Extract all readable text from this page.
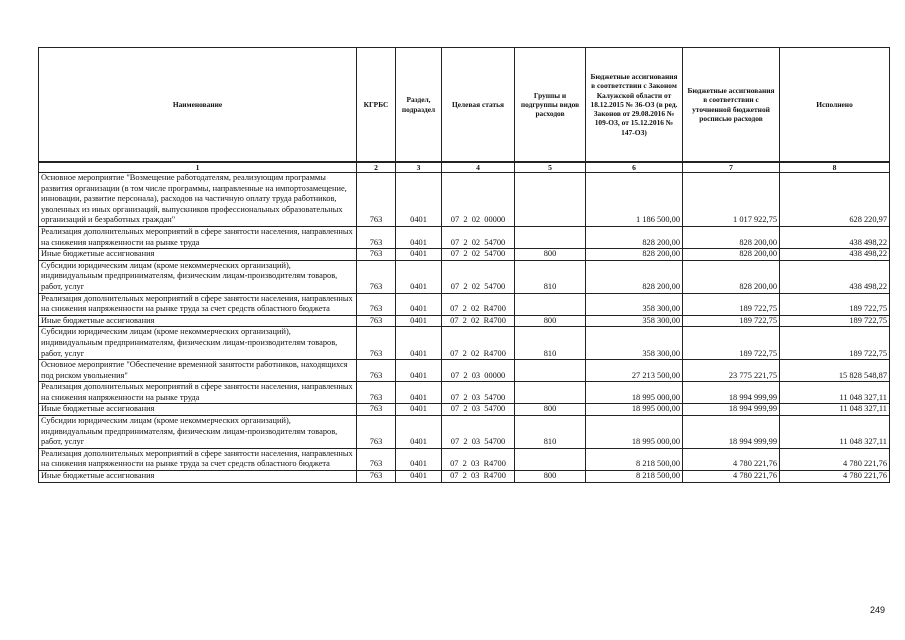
Наименование	КГРБС	Раздел, подраздел	Целевая статья	Группы и подгруппы видов расходов	Бюджетные ассигнования в соответствии с Законом Калужской области от 18.12.2015 № 36-ОЗ (в ред. Законов от 29.08.2016 № 109-ОЗ, от 15.12.2016 № 147-ОЗ)	Бюджетные ассигнования в соответствии с уточненной бюджетной росписью расходов	Исполнено
1	2	3	4	5	6	7	8
Основное мероприятие "Возмещение работодателям, реализующим программы развития организации (в том числе программы, направленные на импортозамещение, инновации, развитие персонала), расходов на частичную оплату труда работников, уволенных из иных организаций, выпускников профессиональных образовательных организаций и безработных граждан"	763	0401	07  2  02  00000		1 186 500,00	1 017 922,75	628 220,97
Реализация дополнительных мероприятий в сфере занятости населения, направленных на снижения напряженности на рынке труда	763	0401	07  2  02  54700		828 200,00	828 200,00	438 498,22
Иные бюджетные ассигнования	763	0401	07  2  02  54700	800	828 200,00	828 200,00	438 498,22
Субсидии юридическим лицам (кроме некоммерческих организаций), индивидуальным предпринимателям, физическим лицам-производителям товаров, работ, услуг	763	0401	07  2  02  54700	810	828 200,00	828 200,00	438 498,22
Реализация дополнительных мероприятий в сфере занятости населения, направленных на снижения напряженности на рынке труда за счет средств областного бюджета	763	0401	07  2  02  R4700		358 300,00	189 722,75	189 722,75
Иные бюджетные ассигнования	763	0401	07  2  02  R4700	800	358 300,00	189 722,75	189 722,75
Субсидии юридическим лицам (кроме некоммерческих организаций), индивидуальным предпринимателям, физическим лицам-производителям товаров, работ, услуг	763	0401	07  2  02  R4700	810	358 300,00	189 722,75	189 722,75
Основное мероприятие "Обеспечение временной занятости работников, находящихся под риском увольнения"	763	0401	07  2  03  00000		27 213 500,00	23 775 221,75	15 828 548,87
Реализация дополнительных мероприятий в сфере занятости населения, направленных на снижения напряженности на рынке труда	763	0401	07  2  03  54700		18 995 000,00	18 994 999,99	11 048 327,11
Иные бюджетные ассигнования	763	0401	07  2  03  54700	800	18 995 000,00	18 994 999,99	11 048 327,11
Субсидии юридическим лицам (кроме некоммерческих организаций), индивидуальным предпринимателям, физическим лицам-производителям товаров, работ, услуг	763	0401	07  2  03  54700	810	18 995 000,00	18 994 999,99	11 048 327,11
Реализация дополнительных мероприятий в сфере занятости населения, направленных на снижения напряженности на рынке труда за счет средств областного бюджета	763	0401	07  2  03  R4700		8 218 500,00	4 780 221,76	4 780 221,76
Иные бюджетные ассигнования	763	0401	07  2  03  R4700	800	8 218 500,00	4 780 221,76	4 780 221,76
249
